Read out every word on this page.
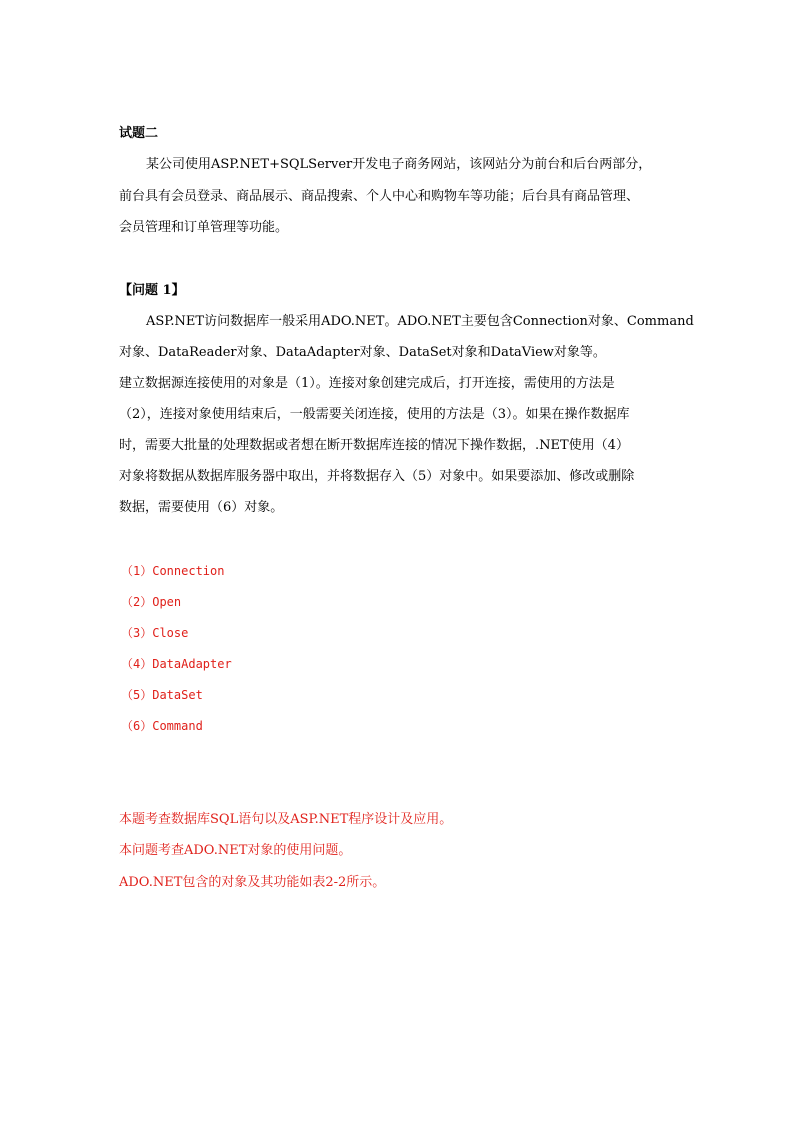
试题二
某公司使用ASP.NET+SQLServer开发电子商务网站，该网站分为前台和后台两部分，
前台具有会员登录、商品展示、商品搜索、个人中心和购物车等功能；后台具有商品管理、
会员管理和订单管理等功能。
【问题 1】
ASP.NET访问数据库一般采用ADO.NET。ADO.NET主要包含Connection对象、Command
对象、DataReader对象、DataAdapter对象、DataSet对象和DataView对象等。
建立数据源连接使用的对象是（1）。连接对象创建完成后，打开连接，需使用的方法是
（2），连接对象使用结束后，一般需要关闭连接，使用的方法是（3）。如果在操作数据库
时，需要大批量的处理数据或者想在断开数据库连接的情况下操作数据，.NET使用（4）
对象将数据从数据库服务器中取出，并将数据存入（5）对象中。如果要添加、修改或删除
数据，需要使用（6）对象。
（1）Connection
（2）Open
（3）Close
（4）DataAdapter
（5）DataSet
（6）Command
本题考查数据库SQL语句以及ASP.NET程序设计及应用。
本问题考查ADO.NET对象的使用问题。
ADO.NET包含的对象及其功能如表2-2所示。
